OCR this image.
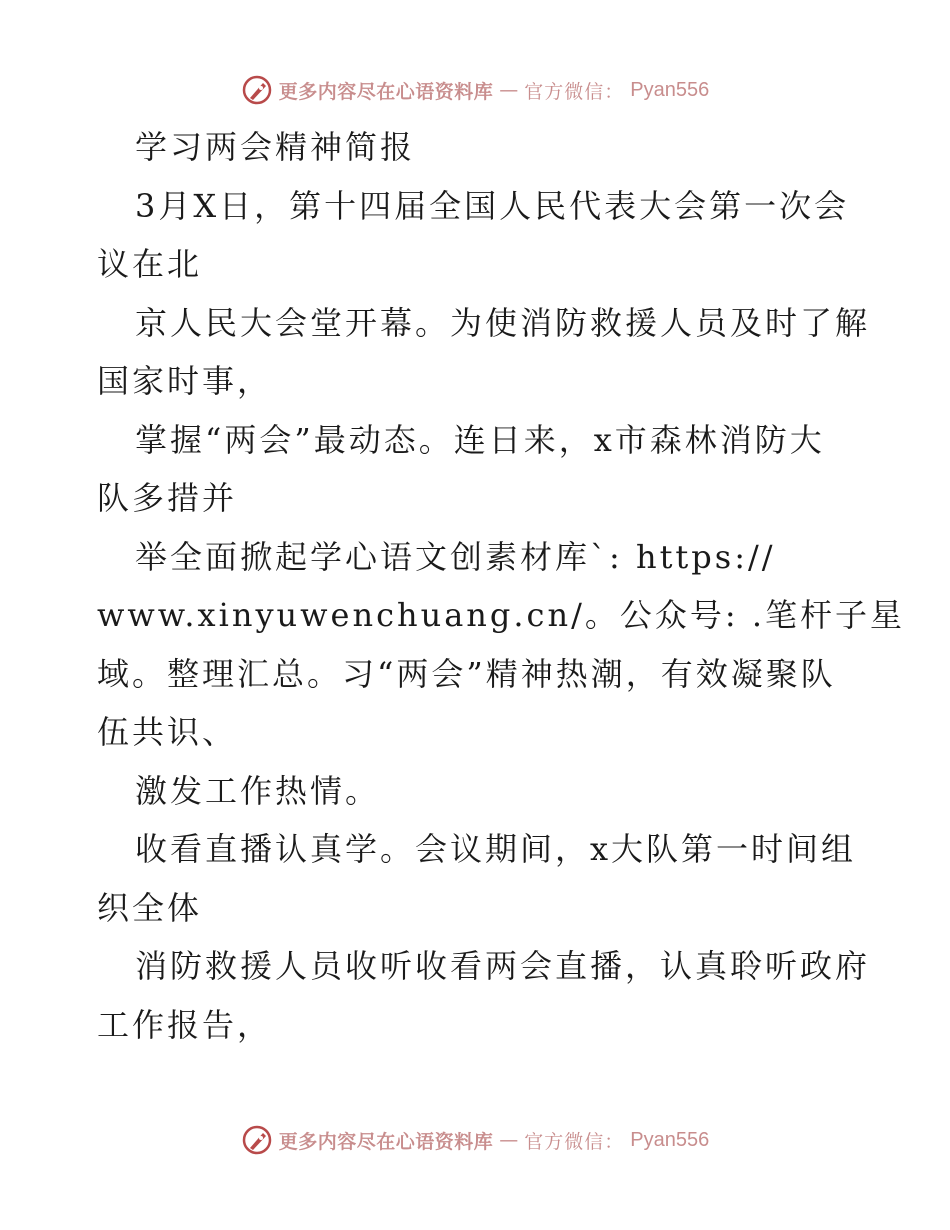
更多内容尽在心语资料库 — 官方微信： Pyan556
学习两会精神简报
3月X日，第十四届全国人民代表大会第一次会
议在北
京人民大会堂开幕。为使消防救援人员及时了解
国家时事，
掌握“两会”最动态。连日来，x市森林消防大
队多措并
举全面掀起学心语文创素材库`: https://
www.xinyuwenchuang.cn/。公众号: .笔杆子星
域。整理汇总。习“两会”精神热潮，有效凝聚队
伍共识、
激发工作热情。
收看直播认真学。会议期间，x大队第一时间组
织全体
消防救援人员收听收看两会直播，认真聆听政府
工作报告，
更多内容尽在心语资料库 — 官方微信： Pyan556
